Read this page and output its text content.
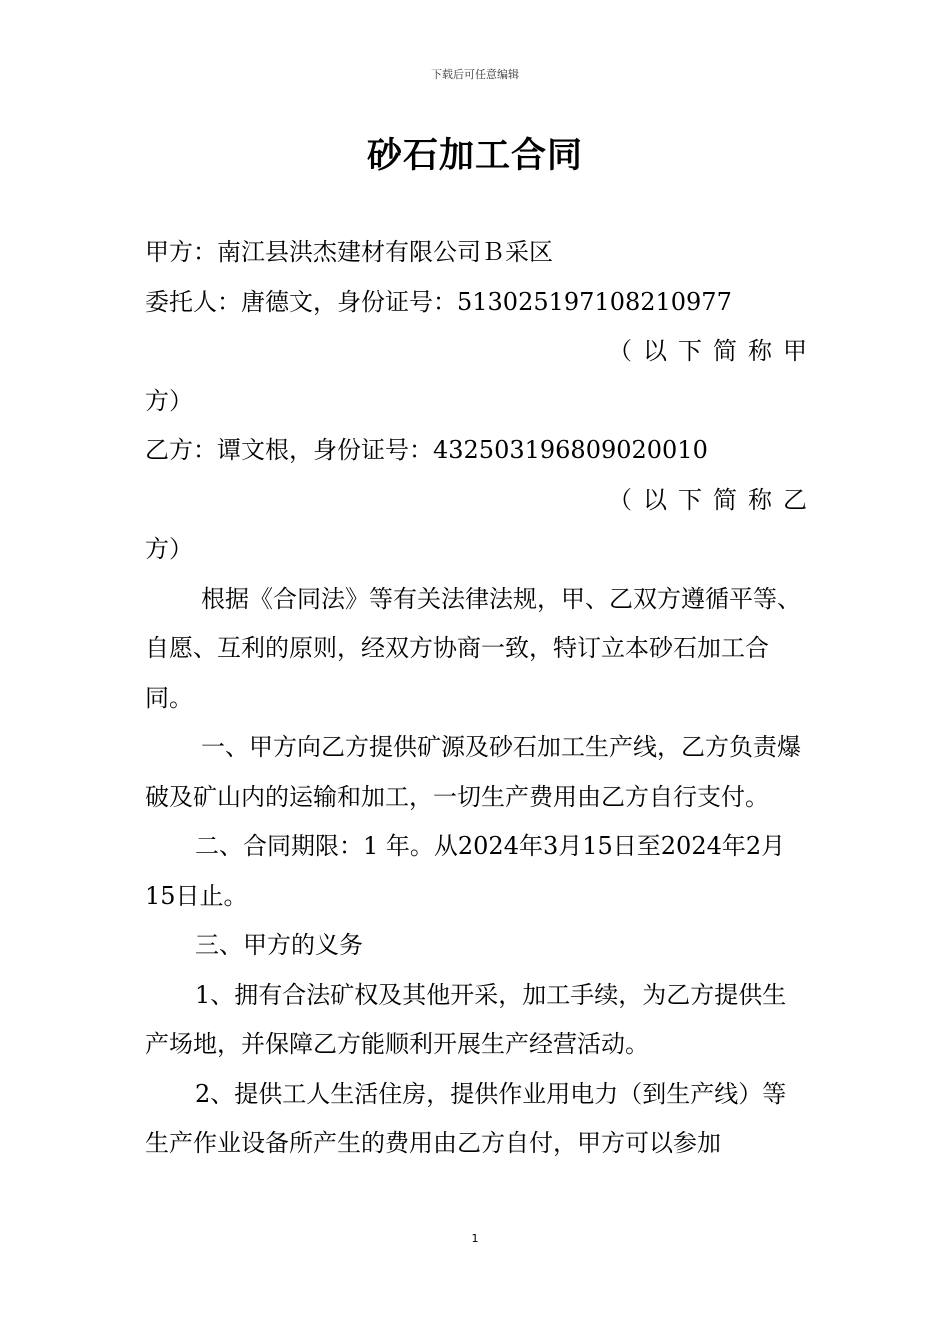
下载后可任意编辑
砂石加工合同

甲方：南江县洪杰建材有限公司Ｂ采区

委托人：唐德文，身份证号：513025197108210977

（以下简称甲

方）

乙方：谭文根，身份证号：432503196809020010

（以下简称乙

方）

根据《合同法》等有关法律法规，甲、乙双方遵循平等、自愿、互利的原则，经双方协商一致，特订立本砂石加工合同。

一、甲方向乙方提供矿源及砂石加工生产线，乙方负责爆破及矿山内的运输和加工，一切生产费用由乙方自行支付。

二、合同期限：1 年。从2024年3月15日至2024年2月15日止。

三、甲方的义务

1、拥有合法矿权及其他开采，加工手续，为乙方提供生产场地，并保障乙方能顺利开展生产经营活动。

2、提供工人生活住房，提供作业用电力（到生产线）等生产作业设备所产生的费用由乙方自付，甲方可以参加

1
